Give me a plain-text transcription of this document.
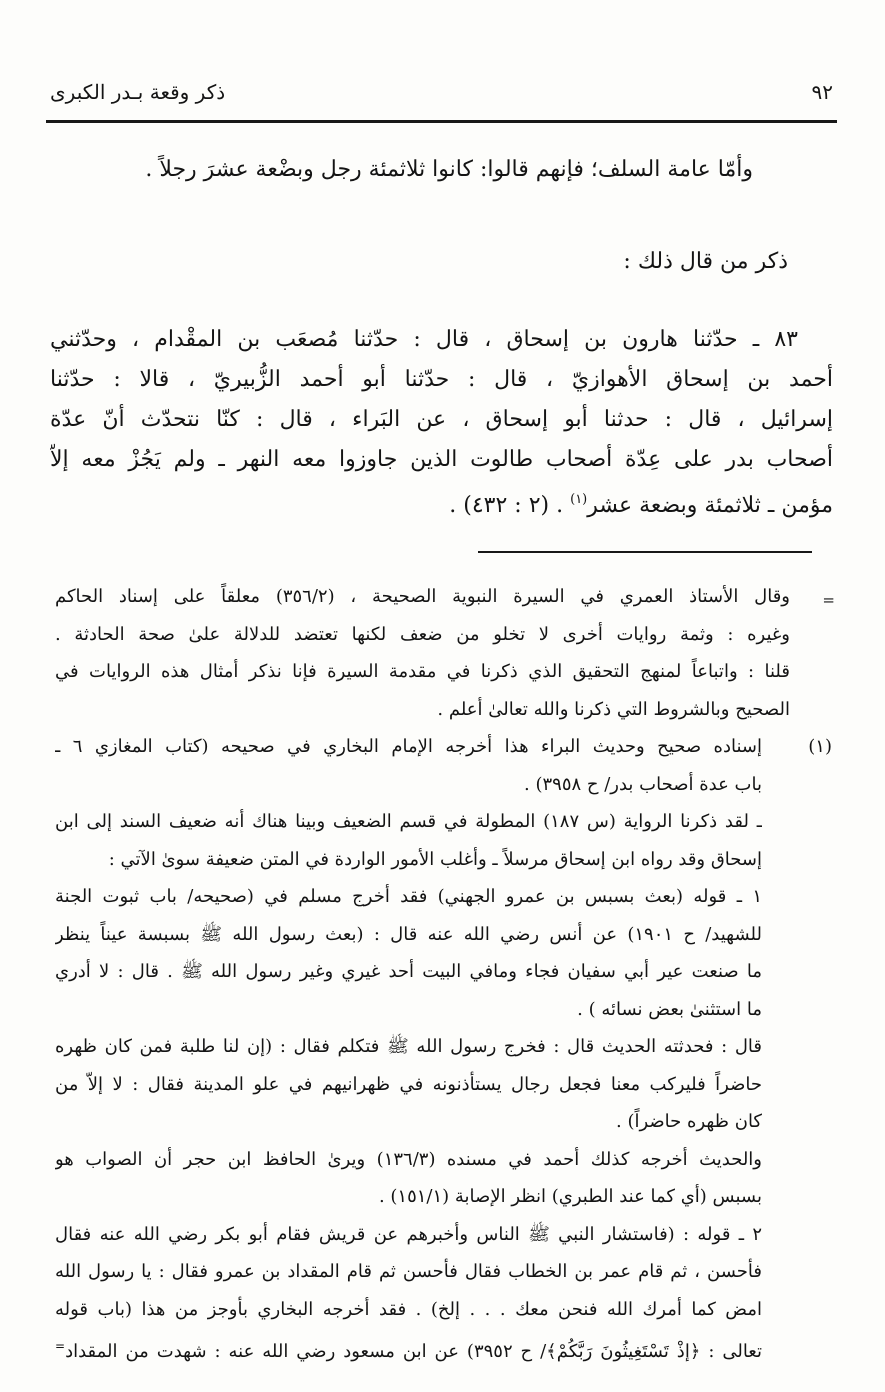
٩٢
ذكر وقعة بـدر الكبرى
وأمّا عامة السلف؛ فإنهم قالوا: كانوا ثلاثمئة رجل وبضْعة عشرَ رجلاً .
ذكر من قال ذلك :
٨٣ ـ حدّثنا هارون بن إسحاق ، قال : حدّثنا مُصعَب بن المقْدام ، وحدّثني
أحمد بن إسحاق الأهوازيّ ، قال : حدّثنا أبو أحمد الزُّبيريّ ، قالا : حدّثنا
إسرائيل ، قال : حدثنا أبو إسحاق ، عن البَراء ، قال : كنّا نتحدّث أنّ عدّة
أصحاب بدر على عِدّة أصحاب طالوت الذين جاوزوا معه النهر ـ ولم يَجُزْ معه إلاّ
مؤمن ـ ثلاثمئة وبضعة عشر$^{(١)}$ . (٢ : ٤٣٢) .
=
وقال الأستاذ العمري في السيرة النبوية الصحيحة ، (٣٥٦/٢) معلقاً على إسناد الحاكم
وغيره : وثمة روايات أخرى لا تخلو من ضعف لكنها تعتضد للدلالة علىٰ صحة الحادثة .
قلنا : واتباعاً لمنهج التحقيق الذي ذكرنا في مقدمة السيرة فإنا نذكر أمثال هذه الروايات في
الصحيح وبالشروط التي ذكرنا والله تعالىٰ أعلم .
(١)
إسناده صحيح وحديث البراء هذا أخرجه الإمام البخاري في صحيحه (كتاب المغازي ٦ ـ
باب عدة أصحاب بدر/ ح ٣٩٥٨) .
ـ لقد ذكرنا الرواية (س ١٨٧) المطولة في قسم الضعيف وبينا هناك أنه ضعيف السند إلى ابن
إسحاق وقد رواه ابن إسحاق مرسلاً ـ وأغلب الأمور الواردة في المتن ضعيفة سوىٰ الآتي :
١ ـ قوله (بعث بسبس بن عمرو الجهني) فقد أخرج مسلم في (صحيحه/ باب ثبوت الجنة
للشهيد/ ح ١٩٠١) عن أنس رضي الله عنه قال : (بعث رسول الله ﷺ بسبسة عيناً ينظر
ما صنعت عير أبي سفيان فجاء ومافي البيت أحد غيري وغير رسول الله ﷺ . قال : لا أدري
ما استثنىٰ بعض نسائه ) .
قال : فحدثته الحديث قال : فخرج رسول الله ﷺ فتكلم فقال : (إن لنا طلبة فمن كان ظهره
حاضراً فليركب معنا فجعل رجال يستأذنونه في ظهرانيهم في علو المدينة فقال : لا إلاّ من
كان ظهره حاضراً) .
والحديث أخرجه كذلك أحمد في مسنده (١٣٦/٣) ويرىٰ الحافظ ابن حجر أن الصواب هو
بسبس (أي كما عند الطبري) انظر الإصابة (١٥١/١) .
٢ ـ قوله : (فاستشار النبي ﷺ الناس وأخبرهم عن قريش فقام أبو بكر رضي الله عنه فقال
فأحسن ، ثم قام عمر بن الخطاب فقال فأحسن ثم قام المقداد بن عمرو فقال : يا رسول الله
امض كما أمرك الله فنحن معك . . . إلخ) . فقد أخرجه البخاري بأوجز من هذا (باب قوله
تعالى : ﴿إذْ تَسْتَغِيثُونَ رَبَّكُمْ﴾/ ح ٣٩٥٢) عن ابن مسعود رضي الله عنه : شهدت من المقداد=
